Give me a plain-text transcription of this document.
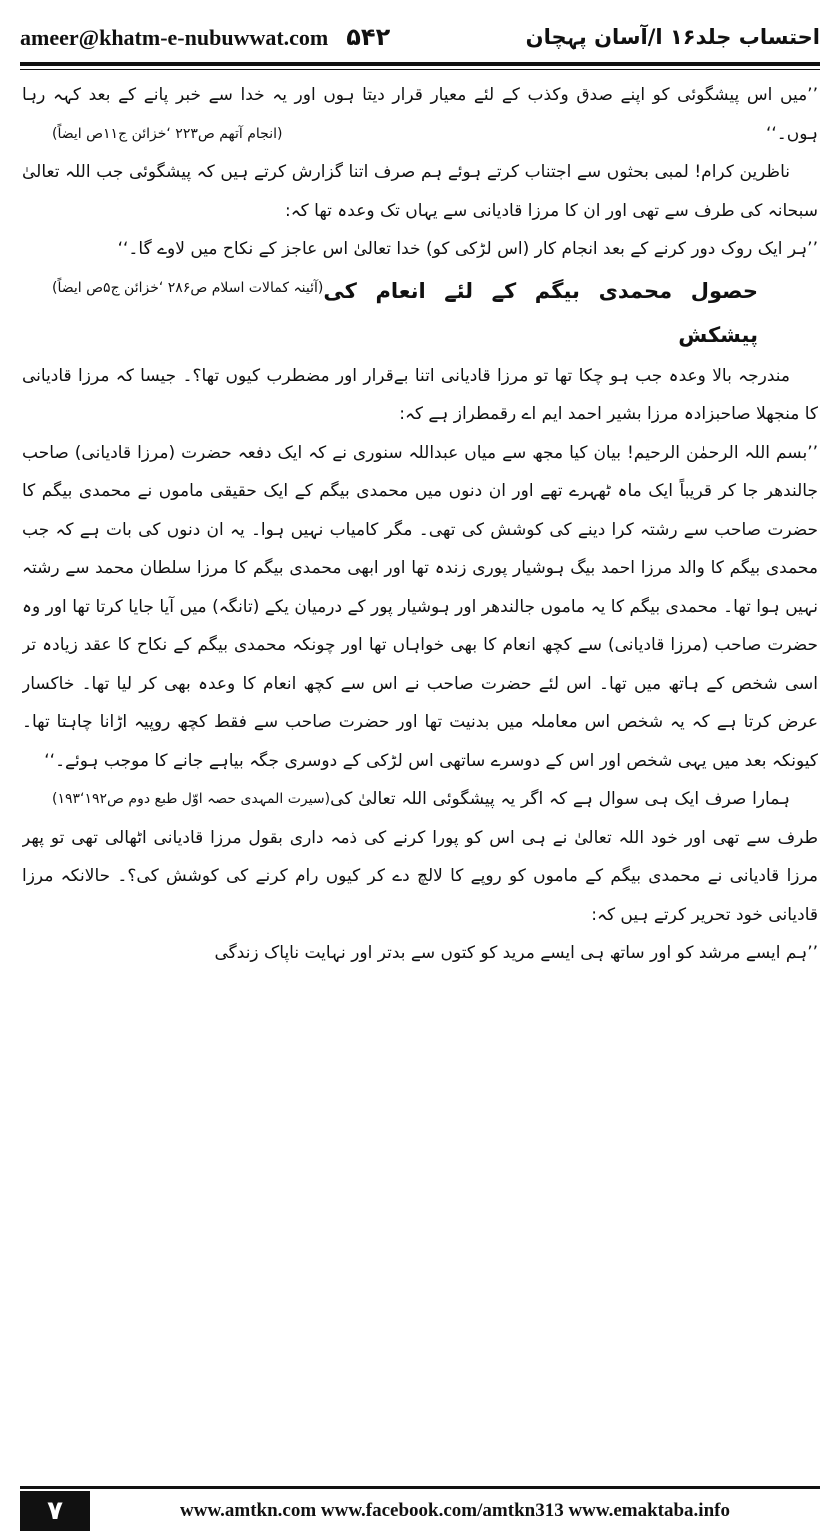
ameer@khatm-e-nubuwwat.com ۵۴۲	احتساب جلد۱۶ ا/آسان پہچان

’’میں اس پیشگوئی کو اپنے صدق وکذب کے لئے معیار قرار دیتا ہوں اور یہ خدا سے خبر پانے کے بعد کہہ رہا ہوں۔‘‘
(انجام آتھم ص۲۲۳ ‘خزائن ج۱۱ص ایضاً)

ناظرین کرام! لمبی بحثوں سے اجتناب کرتے ہوئے ہم صرف اتنا گزارش کرتے ہیں کہ پیشگوئی جب اللہ تعالیٰ سبحانہ کی طرف سے تھی اور ان کا مرزا قادیانی سے یہاں تک وعدہ تھا کہ:

’’ہر ایک روک دور کرنے کے بعد انجام کار (اس لڑکی کو) خدا تعالیٰ اس عاجز کے نکاح میں لاوے گا۔‘‘
(آئینہ کمالات اسلام ص۲۸۶ ‘خزائن ج۵ص ایضاً) حصول محمدی بیگم کے لئے انعام کی پیشکش

مندرجہ بالا وعدہ جب ہو چکا تھا تو مرزا قادیانی اتنا بےقرار اور مضطرب کیوں تھا؟۔ جیسا کہ مرزا قادیانی کا منجھلا صاحبزادہ مرزا بشیر احمد ایم اے رقمطراز ہے کہ:

’’بسم اللہ الرحمٰن الرحیم! بیان کیا مجھ سے میاں عبداللہ سنوری نے کہ ایک دفعہ حضرت (مرزا قادیانی) صاحب جالندھر جا کر قریباً ایک ماہ ٹھہرے تھے اور ان دنوں میں محمدی بیگم کے ایک حقیقی ماموں نے محمدی بیگم کا حضرت صاحب سے رشتہ کرا دینے کی کوشش کی تھی۔ مگر کامیاب نہیں ہوا۔ یہ ان دنوں کی بات ہے کہ جب محمدی بیگم کا والد مرزا احمد بیگ ہوشیار پوری زندہ تھا اور ابھی محمدی بیگم کا مرزا سلطان محمد سے رشتہ نہیں ہوا تھا۔ محمدی بیگم کا یہ ماموں جالندھر اور ہوشیار پور کے درمیان یکے (تانگہ) میں آیا جایا کرتا تھا اور وہ حضرت صاحب (مرزا قادیانی) سے کچھ انعام کا بھی خواہاں تھا اور چونکہ محمدی بیگم کے نکاح کا عقد زیادہ تر اسی شخص کے ہاتھ میں تھا۔ اس لئے حضرت صاحب نے اس سے کچھ انعام کا وعدہ بھی کر لیا تھا۔ خاکسار عرض کرتا ہے کہ یہ شخص اس معاملہ میں بدنیت تھا اور حضرت صاحب سے فقط کچھ روپیہ اڑانا چاہتا تھا۔ کیونکہ بعد میں یہی شخص اور اس کے دوسرے ساتھی اس لڑکی کے دوسری جگہ بیاہے جانے کا موجب ہوئے۔‘‘
(سیرت المہدی حصہ اوّل طبع دوم ص۱۹۲‘۱۹۳) ہمارا صرف ایک ہی سوال ہے کہ اگر یہ پیشگوئی اللہ تعالیٰ کی طرف سے تھی اور خود اللہ تعالیٰ نے ہی اس کو پورا کرنے کی ذمہ داری بقول مرزا قادیانی اٹھالی تھی تو پھر مرزا قادیانی نے محمدی بیگم کے ماموں کو روپے کا لالچ دے کر کیوں رام کرنے کی کوشش کی؟۔ حالانکہ مرزا قادیانی خود تحریر کرتے ہیں کہ:

’’ہم ایسے مرشد کو اور ساتھ ہی ایسے مرید کو کتوں سے بدتر اور نہایت ناپاک زندگی

۷	www.amtkn.com www.facebook.com/amtkn313 www.emaktaba.info
